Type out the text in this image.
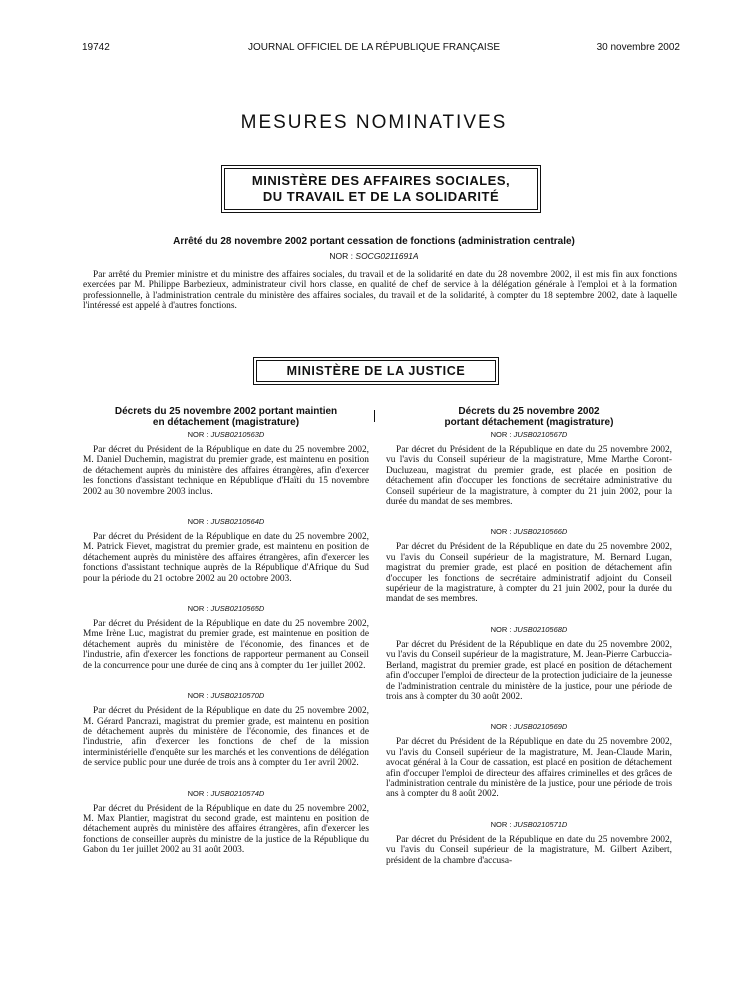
19742	JOURNAL OFFICIEL DE LA RÉPUBLIQUE FRANÇAISE	30 novembre 2002
MESURES NOMINATIVES
MINISTÈRE DES AFFAIRES SOCIALES,
DU TRAVAIL ET DE LA SOLIDARITÉ
Arrêté du 28 novembre 2002 portant cessation de fonctions (administration centrale)
NOR : SOCG0211691A

Par arrêté du Premier ministre et du ministre des affaires sociales, du travail et de la solidarité en date du 28 novembre 2002, il est mis fin aux fonctions exercées par M. Philippe Barbezieux, administrateur civil hors classe, en qualité de chef de service à la délégation générale à l'emploi et à la formation professionnelle, à l'administration centrale du ministère des affaires sociales, du travail et de la solidarité, à compter du 18 septembre 2002, date à laquelle l'intéressé est appelé à d'autres fonctions.

MINISTÈRE DE LA JUSTICE

Décrets du 25 novembre 2002 portant maintien

en détachement (magistrature)

NOR : JUSB0210563D

Par décret du Président de la République en date du 25 novembre 2002, M. Daniel Duchemin, magistrat du premier grade, est maintenu en position de détachement auprès du ministère des affaires étrangères, afin d'exercer les fonctions d'assistant technique en République d'Haïti du 15 novembre 2002 au 30 novembre 2003 inclus.

NOR : JUSB0210564D

Par décret du Président de la République en date du 25 novembre 2002, M. Patrick Fievet, magistrat du premier grade, est maintenu en position de détachement auprès du ministère des affaires étrangères, afin d'exercer les fonctions d'assistant technique auprès de la République d'Afrique du Sud pour la période du 21 octobre 2002 au 20 octobre 2003.

NOR : JUSB0210565D

Par décret du Président de la République en date du 25 novembre 2002, Mme Irène Luc, magistrat du premier grade, est maintenue en position de détachement auprès du ministère de l'économie, des finances et de l'industrie, afin d'exercer les fonctions de rapporteur permanent au Conseil de la concurrence pour une durée de cinq ans à compter du 1er juillet 2002.

NOR : JUSB0210570D

Par décret du Président de la République en date du 25 novembre 2002, M. Gérard Pancrazi, magistrat du premier grade, est maintenu en position de détachement auprès du ministère de l'économie, des finances et de l'industrie, afin d'exercer les fonctions de chef de la mission interministérielle d'enquête sur les marchés et les conventions de délégation de service public pour une durée de trois ans à compter du 1er avril 2002.

NOR : JUSB0210574D

Par décret du Président de la République en date du 25 novembre 2002, M. Max Plantier, magistrat du second grade, est maintenu en position de détachement auprès du ministère des affaires étrangères, afin d'exercer les fonctions de conseiller auprès du ministre de la justice de la République du Gabon du 1er juillet 2002 au 31 août 2003.

Décrets du 25 novembre 2002

portant détachement (magistrature)

NOR : JUSB0210567D

Par décret du Président de la République en date du 25 novembre 2002, vu l'avis du Conseil supérieur de la magistrature, Mme Marthe Coront-Ducluzeau, magistrat du premier grade, est placée en position de détachement afin d'occuper les fonctions de secrétaire administrative du Conseil supérieur de la magistrature, à compter du 21 juin 2002, pour la durée du mandat de ses membres.

NOR : JUSB0210566D

Par décret du Président de la République en date du 25 novembre 2002, vu l'avis du Conseil supérieur de la magistrature, M. Bernard Lugan, magistrat du premier grade, est placé en position de détachement afin d'occuper les fonctions de secrétaire administratif adjoint du Conseil supérieur de la magistrature, à compter du 21 juin 2002, pour la durée du mandat de ses membres.

NOR : JUSB0210568D

Par décret du Président de la République en date du 25 novembre 2002, vu l'avis du Conseil supérieur de la magistrature, M. Jean-Pierre Carbuccia-Berland, magistrat du premier grade, est placé en position de détachement afin d'occuper l'emploi de directeur de la protection judiciaire de la jeunesse de l'administration centrale du ministère de la justice, pour une période de trois ans à compter du 30 août 2002.

NOR : JUSB0210569D

Par décret du Président de la République en date du 25 novembre 2002, vu l'avis du Conseil supérieur de la magistrature, M. Jean-Claude Marin, avocat général à la Cour de cassation, est placé en position de détachement afin d'occuper l'emploi de directeur des affaires criminelles et des grâces de l'administration centrale du ministère de la justice, pour une période de trois ans à compter du 8 août 2002.

NOR : JUSB0210571D

Par décret du Président de la République en date du 25 novembre 2002, vu l'avis du Conseil supérieur de la magistrature, M. Gilbert Azibert, président de la chambre d'accusa-
